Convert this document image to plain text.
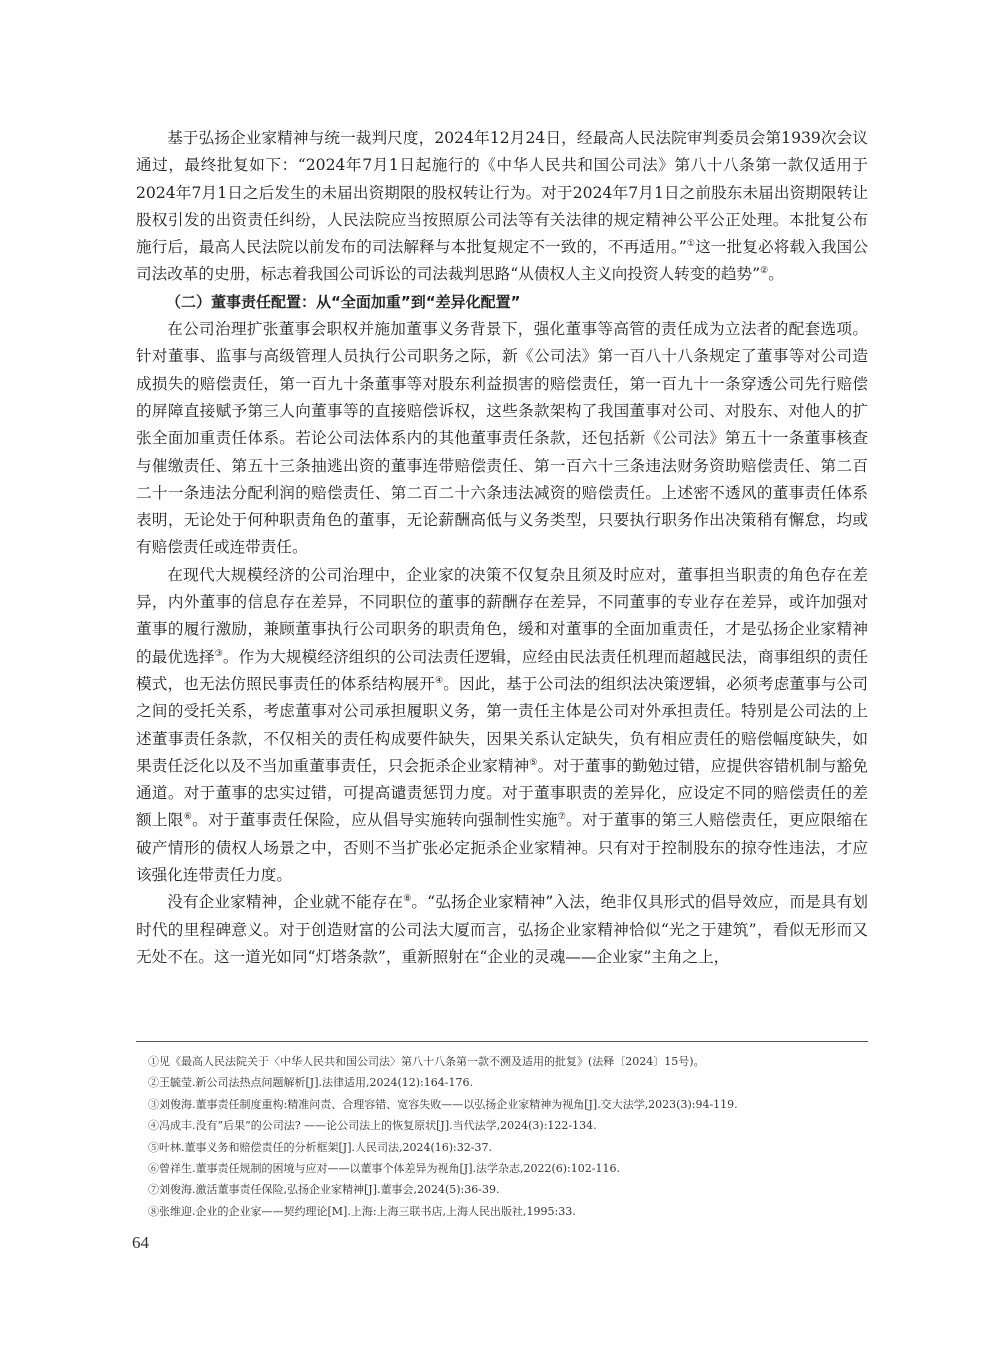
基于弘扬企业家精神与统一裁判尺度，2024年12月24日，经最高人民法院审判委员会第1939次会议通过，最终批复如下：“2024年7月1日起施行的《中华人民共和国公司法》第八十八条第一款仅适用于2024年7月1日之后发生的未届出资期限的股权转让行为。对于2024年7月1日之前股东未届出资期限转让股权引发的出资责任纠纷，人民法院应当按照原公司法等有关法律的规定精神公平公正处理。本批复公布施行后，最高人民法院以前发布的司法解释与本批复规定不一致的，不再适用。”①这一批复必将载入我国公司法改革的史册，标志着我国公司诉讼的司法裁判思路“从债权人主义向投资人转变的趋势”②。

（二）董事责任配置：从“全面加重”到“差异化配置”

在公司治理扩张董事会职权并施加董事义务背景下，强化董事等高管的责任成为立法者的配套选项。针对董事、监事与高级管理人员执行公司职务之际，新《公司法》第一百八十八条规定了董事等对公司造成损失的赔偿责任，第一百九十条董事等对股东利益损害的赔偿责任，第一百九十一条穿透公司先行赔偿的屏障直接赋予第三人向董事等的直接赔偿诉权，这些条款架构了我国董事对公司、对股东、对他人的扩张全面加重责任体系。若论公司法体系内的其他董事责任条款，还包括新《公司法》第五十一条董事核查与催缴责任、第五十三条抽逃出资的董事连带赔偿责任、第一百六十三条违法财务资助赔偿责任、第二百二十一条违法分配利润的赔偿责任、第二百二十六条违法减资的赔偿责任。上述密不透风的董事责任体系表明，无论处于何种职责角色的董事，无论薪酬高低与义务类型，只要执行职务作出决策稍有懈怠，均或有赔偿责任或连带责任。

在现代大规模经济的公司治理中，企业家的决策不仅复杂且须及时应对，董事担当职责的角色存在差异，内外董事的信息存在差异，不同职位的董事的薪酬存在差异，不同董事的专业存在差异，或许加强对董事的履行激励，兼顾董事执行公司职务的职责角色，缓和对董事的全面加重责任，才是弘扬企业家精神的最优选择③。作为大规模经济组织的公司法责任逻辑，应经由民法责任机理而超越民法，商事组织的责任模式，也无法仿照民事责任的体系结构展开④。因此，基于公司法的组织法决策逻辑，必须考虑董事与公司之间的受托关系，考虑董事对公司承担履职义务，第一责任主体是公司对外承担责任。特别是公司法的上述董事责任条款，不仅相关的责任构成要件缺失，因果关系认定缺失，负有相应责任的赔偿幅度缺失，如果责任泛化以及不当加重董事责任，只会扼杀企业家精神⑤。对于董事的勤勉过错，应提供容错机制与豁免通道。对于董事的忠实过错，可提高谴责惩罚力度。对于董事职责的差异化，应设定不同的赔偿责任的差额上限⑥。对于董事责任保险，应从倡导实施转向强制性实施⑦。对于董事的第三人赔偿责任，更应限缩在破产情形的债权人场景之中，否则不当扩张必定扼杀企业家精神。只有对于控制股东的掠夺性违法，才应该强化连带责任力度。

没有企业家精神，企业就不能存在⑧。“弘扬企业家精神”入法，绝非仅具形式的倡导效应，而是具有划时代的里程碑意义。对于创造财富的公司法大厦而言，弘扬企业家精神恰似“光之于建筑”，看似无形而又无处不在。这一道光如同“灯塔条款”，重新照射在“企业的灵魂——企业家”主角之上，

①见《最高人民法院关于〈中华人民共和国公司法〉第八十八条第一款不溯及适用的批复》(法释〔2024〕15号)。
②王毓莹.新公司法热点问题解析[J].法律适用,2024(12):164-176.
③刘俊海.董事责任制度重构:精准问责、合理容错、宽容失败——以弘扬企业家精神为视角[J].交大法学,2023(3):94-119.
④冯成丰.没有“后果”的公司法? ——论公司法上的恢复原状[J].当代法学,2024(3):122-134.
⑤叶林.董事义务和赔偿责任的分析框架[J].人民司法,2024(16):32-37.
⑥曾祥生.董事责任规制的困境与应对——以董事个体差异为视角[J].法学杂志,2022(6):102-116.
⑦刘俊海.激活董事责任保险,弘扬企业家精神[J].董事会,2024(5):36-39.
⑧张维迎.企业的企业家——契约理论[M].上海:上海三联书店,上海人民出版社,1995:33.
64
